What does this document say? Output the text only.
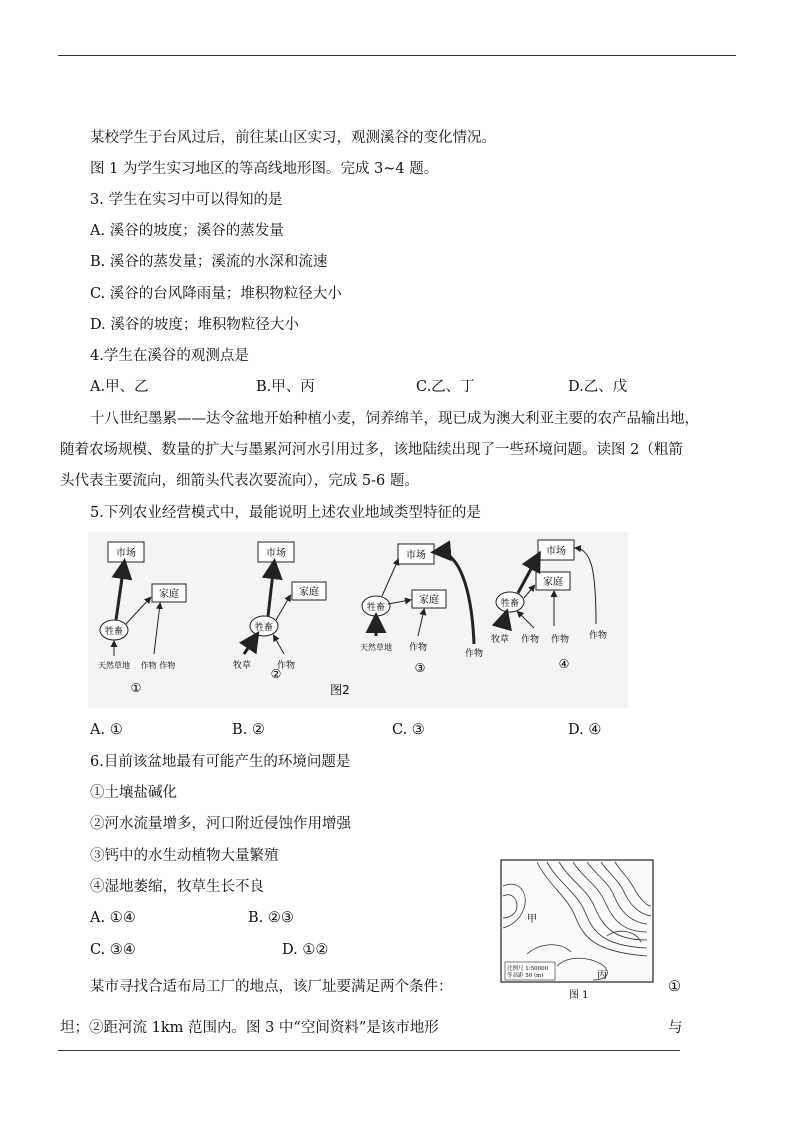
某校学生于台风过后，前往某山区实习，观测溪谷的变化情况。
图 1 为学生实习地区的等高线地形图。完成 3~4 题。
3. 学生在实习中可以得知的是
A. 溪谷的坡度；溪谷的蒸发量
B. 溪谷的蒸发量；溪流的水深和流速
C. 溪谷的台风降雨量；堆积物粒径大小
D. 溪谷的坡度；堆积物粒径大小
4.学生在溪谷的观测点是
A.甲、乙	B.甲、丙	C.乙、丁	D.乙、戊
十八世纪墨累——达令盆地开始种植小麦，饲养绵羊，现已成为澳大利亚主要的农产品输出地，
随着农场规模、数量的扩大与墨累河河水引用过多，该地陆续出现了一些环境问题。读图 2（粗箭
头代表主要流向，细箭头代表次要流向），完成 5-6 题。
5.下列农业经营模式中，最能说明上述农业地域类型特征的是
市场
家庭
牲畜
天然草地 作物 作物
①
市场
家庭
牲畜
牧草	作物
②
市场
家庭
牲畜
天然草地 作物
作物
③
市场
家庭
牲畜
牧草 作物 作物 作物
④
图2
A. ①	B. ②	C. ③	D. ④
6.目前该盆地最有可能产生的环境问题是
①土壤盐碱化
②河水流量增多，河口附近侵蚀作用增强
③钙中的水生动植物大量繁殖
④湿地萎缩，牧草生长不良
A. ①④	B. ②③
C. ③④	D. ①②
甲
丙
比例尺 1:50000
等高距 50 (m)
图 1
某市寻找合适布局工厂的地点，该厂址要满足两个条件：	①
坦；②距河流 1km 范围内。图 3 中“空间资料”是该市地形	与
